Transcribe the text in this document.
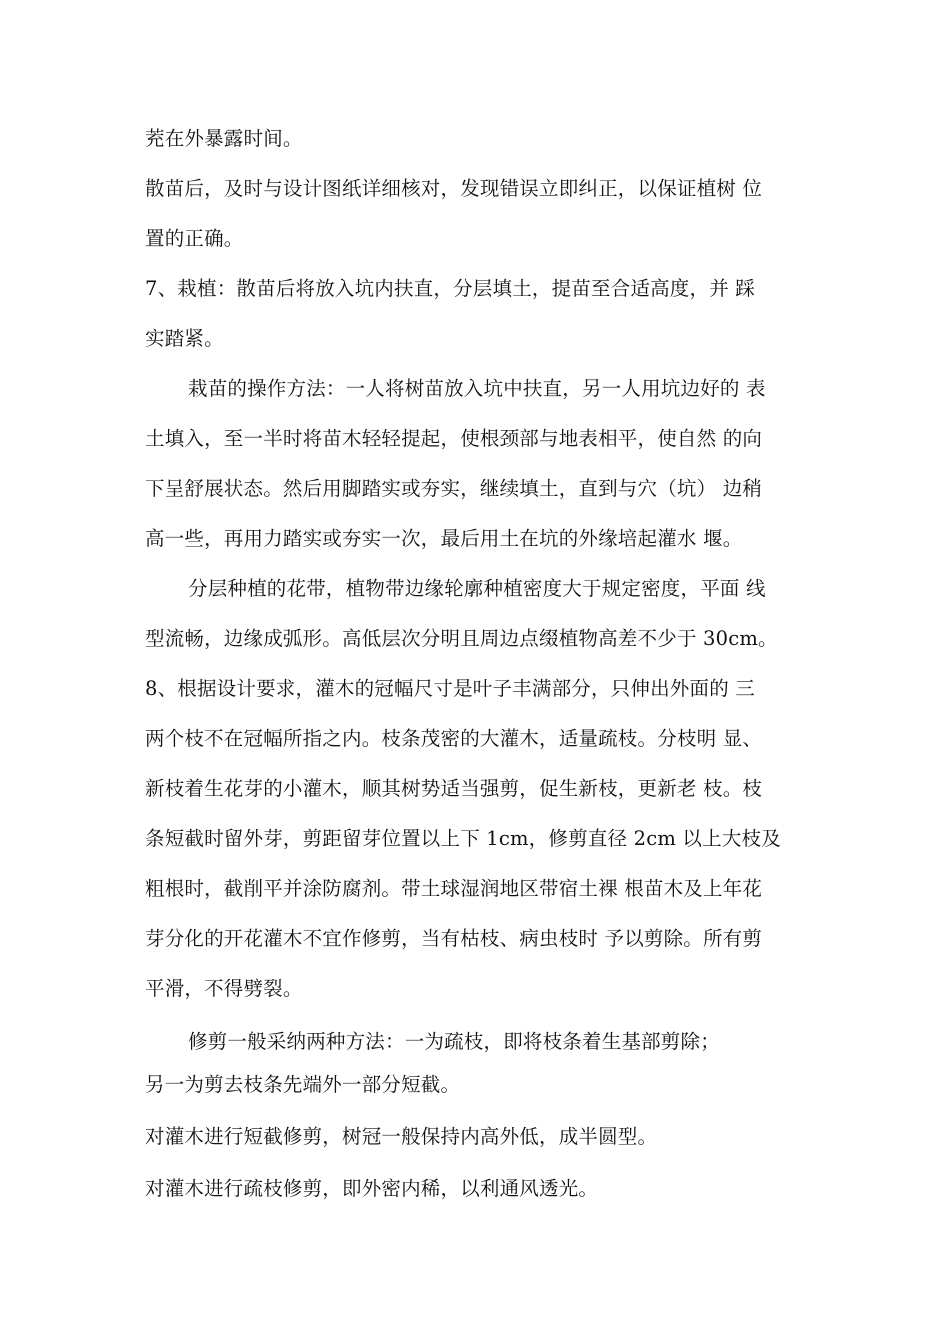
茺在外暴露时间。
散苗后，及时与设计图纸详细核对，发现错误立即纠正，以保证植树 位
置的正确。
7、栽植：散苗后将放入坑内扶直，分层填土，提苗至合适高度，并 踩
实踏紧。
栽苗的操作方法：一人将树苗放入坑中扶直，另一人用坑边好的 表
土填入，至一半时将苗木轻轻提起，使根颈部与地表相平，使自然 的向
下呈舒展状态。然后用脚踏实或夯实，继续填土，直到与穴（坑） 边稍
高一些，再用力踏实或夯实一次，最后用土在坑的外缘培起灌水 堰。
分层种植的花带，植物带边缘轮廓种植密度大于规定密度，平面 线
型流畅，边缘成弧形。高低层次分明且周边点缀植物高差不少于 30cm。
8、根据设计要求，灌木的冠幅尺寸是叶子丰满部分，只伸出外面的 三
两个枝不在冠幅所指之内。枝条茂密的大灌木，适量疏枝。分枝明 显、
新枝着生花芽的小灌木，顺其树势适当强剪，促生新枝，更新老 枝。枝
条短截时留外芽，剪距留芽位置以上下 1cm，修剪直径 2cm 以上大枝及
粗根时，截削平并涂防腐剂。带土球湿润地区带宿土裸 根苗木及上年花
芽分化的开花灌木不宜作修剪，当有枯枝、病虫枝时 予以剪除。所有剪
平滑，不得劈裂。
修剪一般采纳两种方法：一为疏枝，即将枝条着生基部剪除；
另一为剪去枝条先端外一部分短截。
对灌木进行短截修剪，树冠一般保持内高外低，成半圆型。
对灌木进行疏枝修剪，即外密内稀，以利通风透光。
